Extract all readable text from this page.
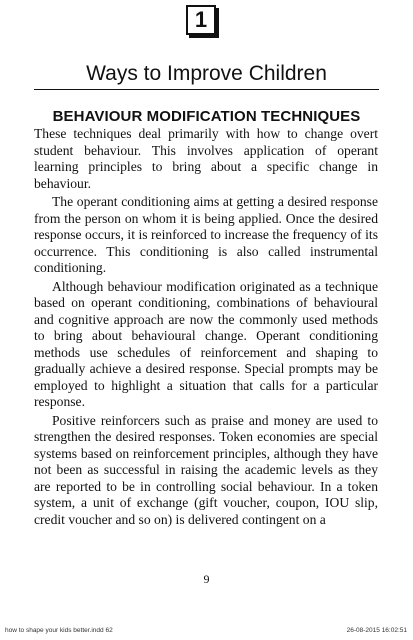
1
Ways to Improve Children
BEHAVIOUR MODIFICATION TECHNIQUES

These techniques deal primarily with how to change overt student behaviour. This involves application of operant learning principles to bring about a specific change in behaviour.

The operant conditioning aims at getting a desired response from the person on whom it is being applied. Once the desired response occurs, it is reinforced to increase the frequency of its occurrence. This conditioning is also called instrumental conditioning.

Although behaviour modification originated as a technique based on operant conditioning, combinations of behavioural and cognitive approach are now the commonly used methods to bring about behavioural change. Operant conditioning methods use schedules of reinforcement and shaping to gradually achieve a desired response. Special prompts may be employed to highlight a situation that calls for a particular response.

Positive reinforcers such as praise and money are used to strengthen the desired responses. Token economies are special systems based on reinforcement principles, although they have not been as successful in raising the academic levels as they are reported to be in controlling social behaviour. In a token system, a unit of exchange (gift voucher, coupon, IOU slip, credit voucher and so on) is delivered contingent on a

9
how to shape your kids better.indd 62	26-08-2015 16:02:51
